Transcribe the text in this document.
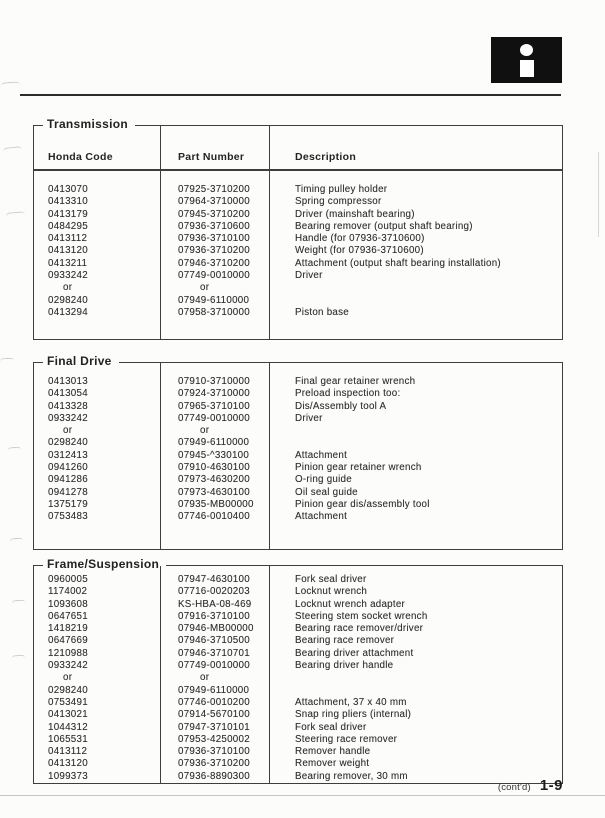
Transmission
Honda Code	Part Number	Description
0413070	07925-3710200	Timing pulley holder
0413310	07964-3710000	Spring compressor
0413179	07945-3710200	Driver (mainshaft bearing)
0484295	07936-3710600	Bearing remover (output shaft bearing)
0413112	07936-3710100	Handle (for 07936-3710600)
0413120	07936-3710200	Weight (for 07936-3710600)
0413211	07946-3710200	Attachment (output shaft bearing installation)
0933242	07749-0010000	Driver
or	or
0298240	07949-6110000
0413294	07958-3710000	Piston base
Final Drive
0413013	07910-3710000	Final gear retainer wrench
0413054	07924-3710000	Preload inspection too:
0413328	07965-3710100	Dis/Assembly tool A
0933242	07749-0010000	Driver
or	or
0298240	07949-6110000
0312413	07945-^330100	Attachment
0941260	07910-4630100	Pinion gear retainer wrench
0941286	07973-4630200	O-ring guide
0941278	07973-4630100	Oil seal guide
1375179	07935-MB00000	Pinion gear dis/assembly tool
0753483	07746-0010400	Attachment
Frame/Suspension
0960005	07947-4630100	Fork seal driver
1174002	07716-0020203	Locknut wrench
1093608	KS-HBA-08-469	Locknut wrench adapter
0647651	07916-3710100	Steering stem socket wrench
1418219	07946-MB00000	Bearing race remover/driver
0647669	07946-3710500	Bearing race remover
1210988	07946-3710701	Bearing driver attachment
0933242	07749-0010000	Bearing driver handle
or	or
0298240	07949-6110000
0753491	07746-0010200	Attachment, 37 x 40 mm
0413021	07914-5670100	Snap ring pliers (internal)
1044312	07947-3710101	Fork seal driver
1065531	07953-4250002	Steering race remover
0413112	07936-3710100	Remover handle
0413120	07936-3710200	Remover weight
1099373	07936-8890300	Bearing remover, 30 mm
(cont'd) 1-9
